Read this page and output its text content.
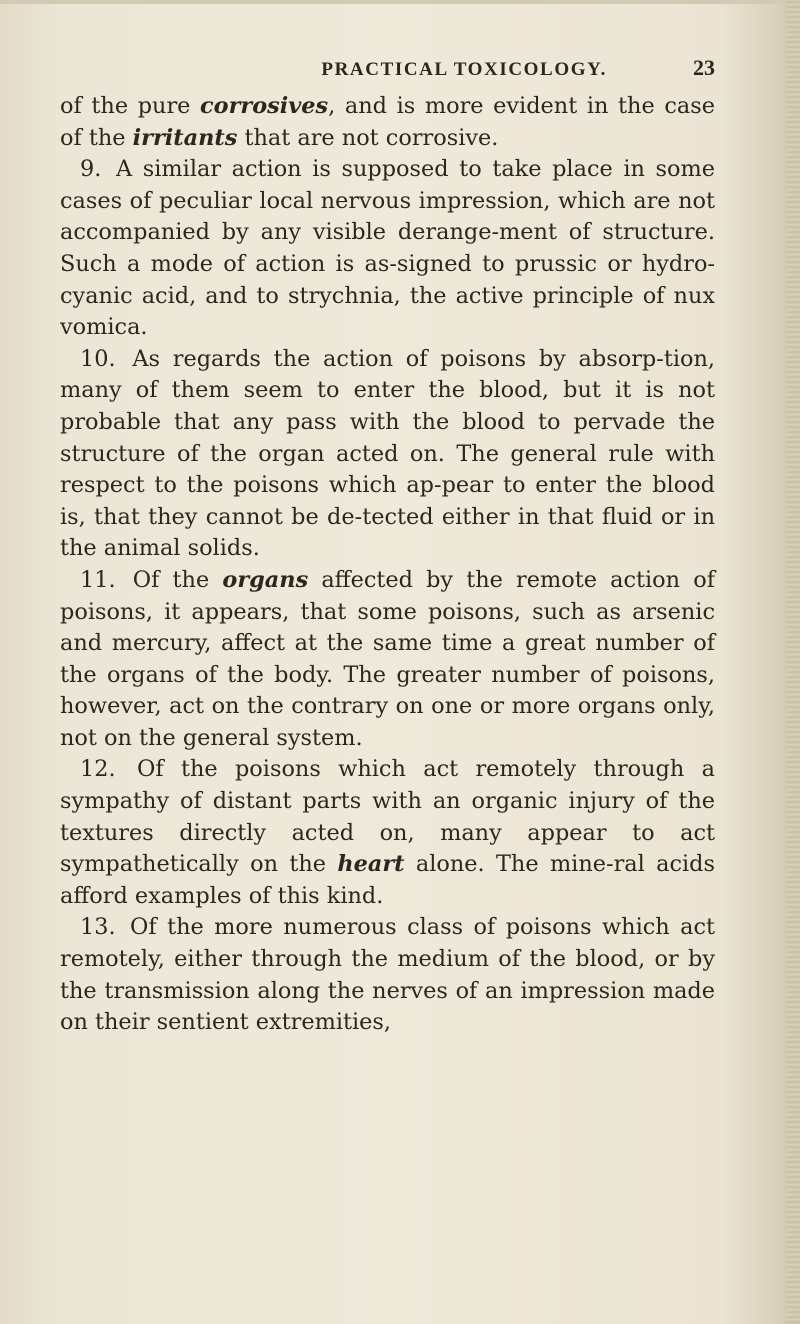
PRACTICAL TOXICOLOGY.	23

of the pure corrosives, and is more evident in the case of the irritants that are not corrosive.

9. A similar action is supposed to take place in some cases of peculiar local nervous impression, which are not accompanied by any visible derange-ment of structure. Such a mode of action is as-signed to prussic or hydro-cyanic acid, and to strychnia, the active principle of nux vomica.

10. As regards the action of poisons by absorp-tion, many of them seem to enter the blood, but it is not probable that any pass with the blood to pervade the structure of the organ acted on. The general rule with respect to the poisons which ap-pear to enter the blood is, that they cannot be de-tected either in that fluid or in the animal solids.

11. Of the organs affected by the remote action of poisons, it appears, that some poisons, such as arsenic and mercury, affect at the same time a great number of the organs of the body. The greater number of poisons, however, act on the contrary on one or more organs only, not on the general system.

12. Of the poisons which act remotely through a sympathy of distant parts with an organic injury of the textures directly acted on, many appear to act sympathetically on the heart alone. The mine-ral acids afford examples of this kind.

13. Of the more numerous class of poisons which act remotely, either through the medium of the blood, or by the transmission along the nerves of an impression made on their sentient extremities,
